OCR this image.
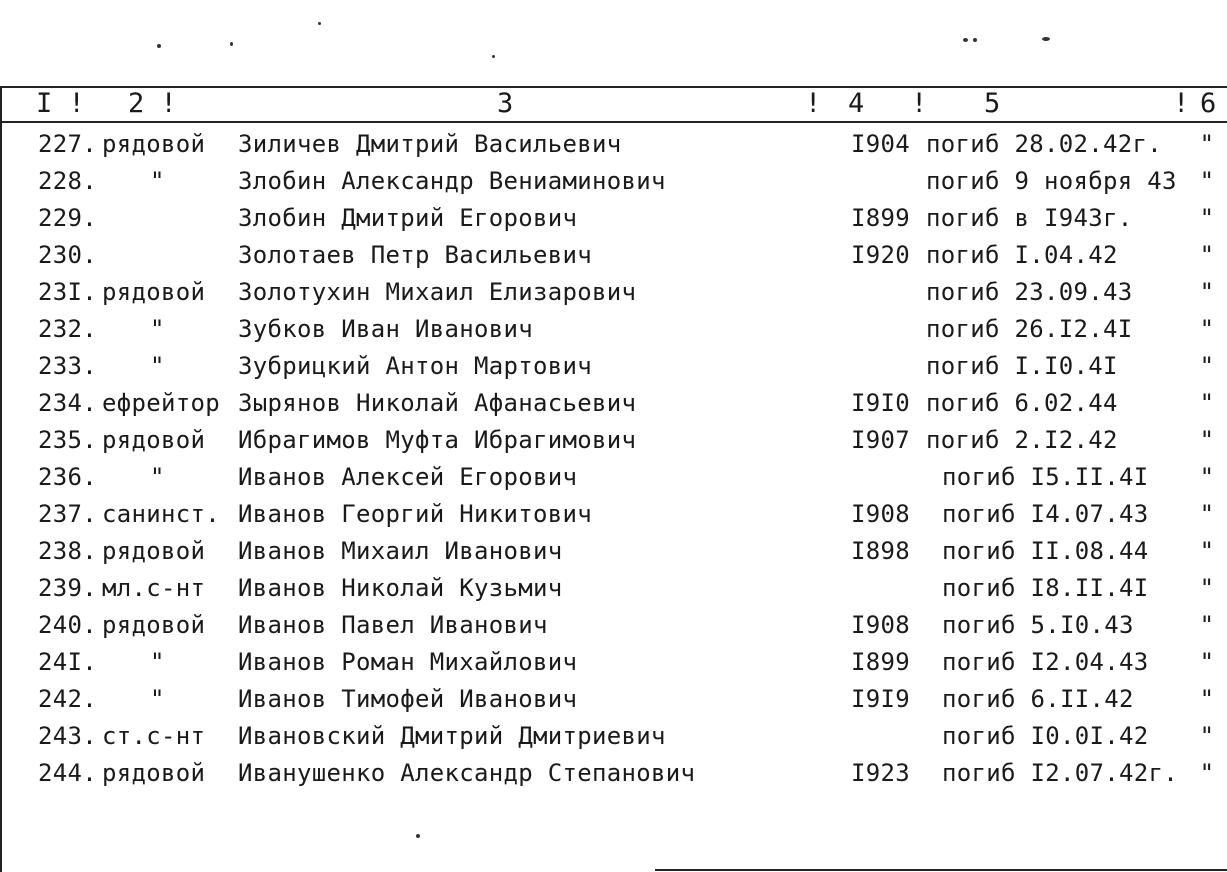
I ! 2 !	3	! 4 ! 5	! 6
227. рядовой Зиличев Дмитрий Васильевич	I904 погиб 28.02.42г.	"
228. "	Злобин Александр Вениаминович	погиб 9 ноября 43 "
229.	Злобин Дмитрий Егорович	I899 погиб в I943г.	"
230.	Золотаев Петр Васильевич	I920 погиб I.04.42	"
23I. рядовой Золотухин Михаил Елизарович	погиб 23.09.43	"
232. "	Зубков Иван Иванович	погиб 26.I2.4I	"
233. "	Зубрицкий Антон Мартович	погиб I.I0.4I	"
234. ефрейтор Зырянов Николай Афанасьевич	I9I0 погиб 6.02.44	"
235. рядовой Ибрагимов Муфта Ибрагимович	I907 погиб 2.I2.42	"
236. "	Иванов Алексей Егорович	погиб I5.II.4I	"
237. санинст. Иванов Георгий Никитович	I908 погиб I4.07.43	"
238. рядовой Иванов Михаил Иванович	I898 погиб II.08.44	"
239. мл.с-нт Иванов Николай Кузьмич	погиб I8.II.4I	"
240. рядовой Иванов Павел Иванович	I908 погиб 5.I0.43	"
24I. "	Иванов Роман Михайлович	I899 погиб I2.04.43	"
242. "	Иванов Тимофей Иванович	I9I9 погиб 6.II.42	"
243. ст.с-нт Ивановский Дмитрий Дмитриевич	погиб I0.0I.42	"
244. рядовой Иванушенко Александр Степанович	I923 погиб I2.07.42г. "
